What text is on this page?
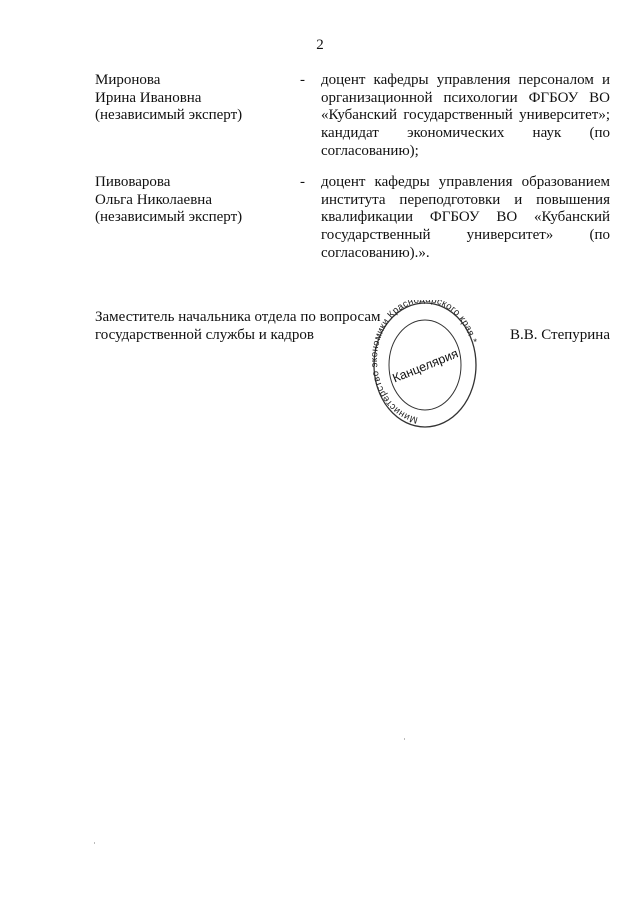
2
Миронова
Ирина Ивановна
(независимый эксперт)
- доцент кафедры управления персоналом и организационной психологии ФГБОУ ВО «Кубанский государственный университет»; кандидат экономических наук (по согласованию);
Пивоварова
Ольга Николаевна
(независимый эксперт)
- доцент кафедры управления образованием института переподготовки и повышения квалификации ФГБОУ ВО «Кубанский государственный университет» (по согласованию).».
Заместитель начальника отдела по вопросам
государственной службы и кадров	В.В. Степурина
Министерств мики Красно рского края *
Канцелярия
